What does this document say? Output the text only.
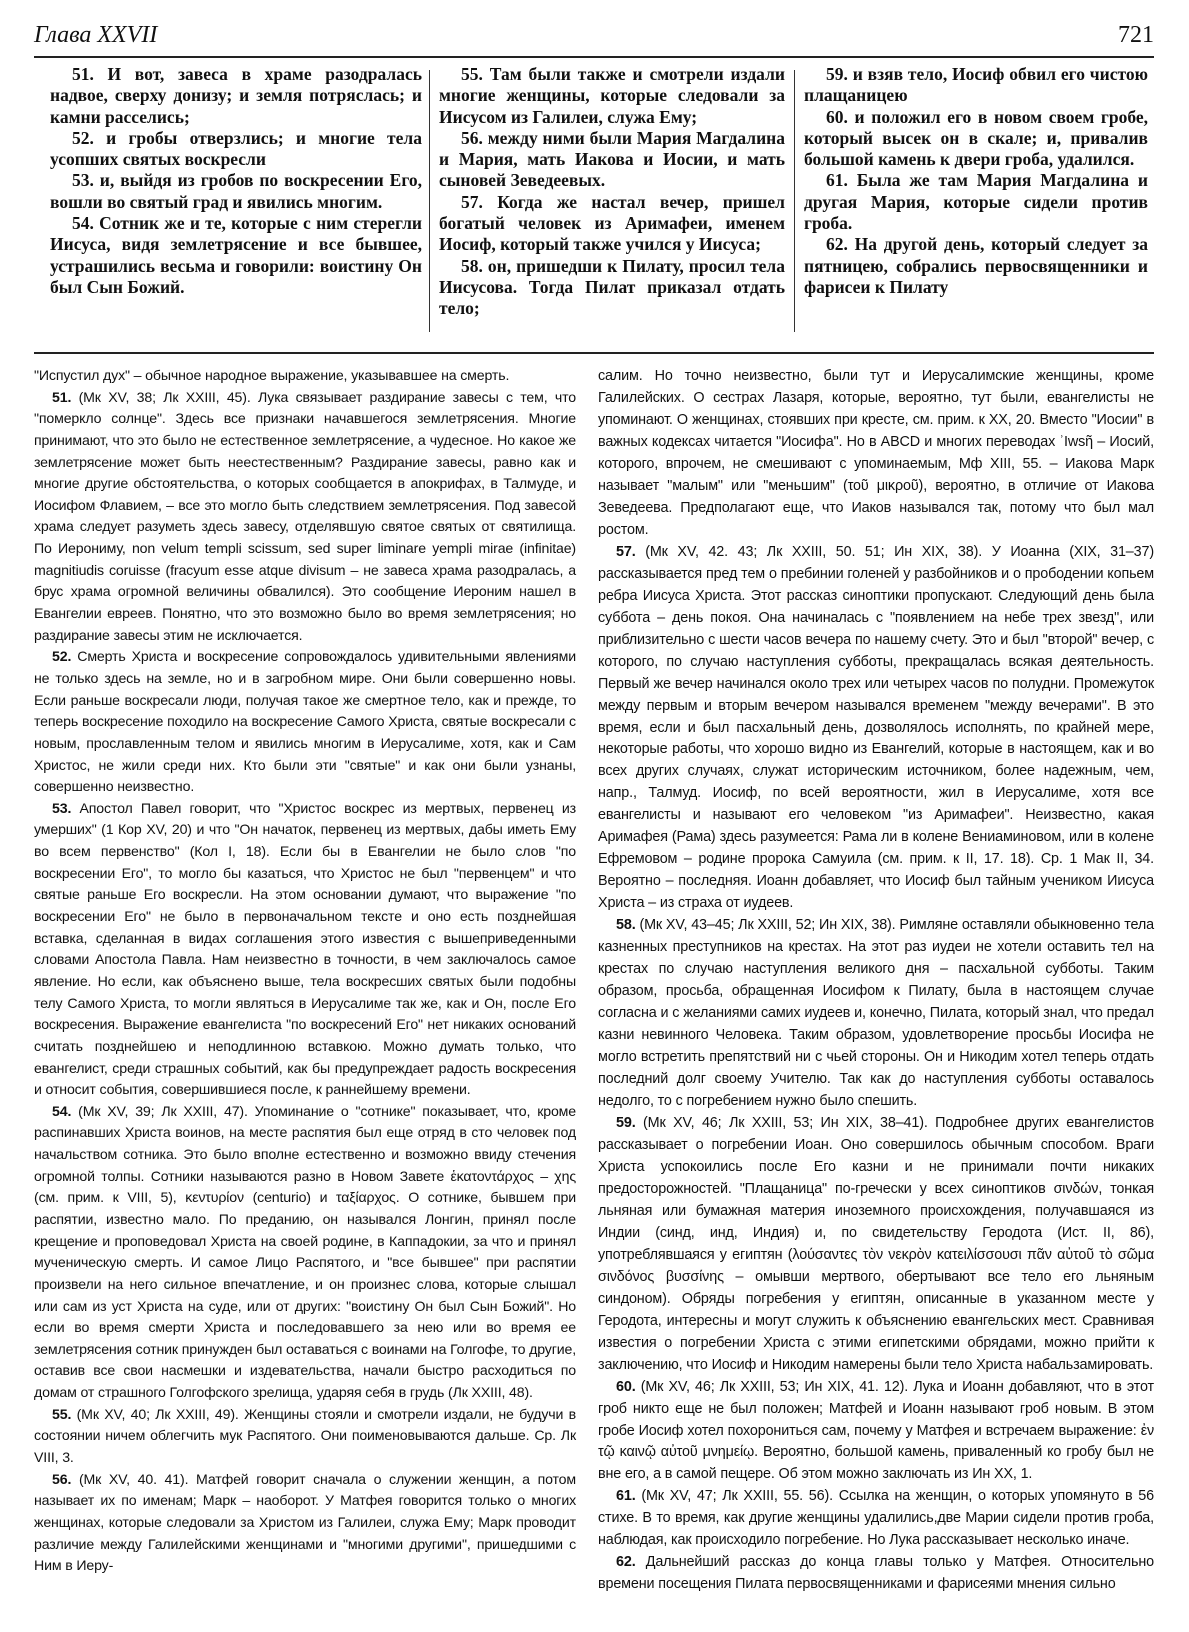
Глава XXVII	721

51. И вот, завеса в храме разодралась надвое, сверху донизу; и земля потряслась; и камни расселись;

52. и гробы отверзлись; и многие тела усопших святых воскресли

53. и, выйдя из гробов по воскресении Его, вошли во святый град и явились многим.

54. Сотник же и те, которые с ним стерегли Иисуса, видя землетрясение и все бывшее, устрашились весьма и говорили: воистину Он был Сын Божий.

55. Там были также и смотрели издали многие женщины, которые следовали за Иисусом из Галилеи, служа Ему;

56. между ними были Мария Магдалина и Мария, мать Иакова и Иосии, и мать сыновей Зеведеевых.

57. Когда же настал вечер, пришел богатый человек из Аримафеи, именем Иосиф, который также учился у Иисуса;

58. он, пришедши к Пилату, просил тела Иисусова. Тогда Пилат приказал отдать тело;

59. и взяв тело, Иосиф обвил его чистою плащаницею

60. и положил его в новом своем гробе, который высек он в скале; и, привалив большой камень к двери гроба, удалился.

61. Была же там Мария Магдалина и другая Мария, которые сидели против гроба.

62. На другой день, который следует за пятницею, собрались первосвященники и фарисеи к Пилату

"Испустил дух" – обычное народное выражение, указывавшее на смерть.

51. (Мк XV, 38; Лк XXIII, 45). Лука связывает раздирание завесы с тем, что "померкло солнце". Здесь все признаки начавшегося землетрясения. Многие принимают, что это было не естественное землетрясение, а чудесное. Но какое же землетрясение может быть неестественным? Раздирание завесы, равно как и многие другие обстоятельства, о которых сообщается в апокрифах, в Талмуде, и Иосифом Флавием, – все это могло быть следствием землетрясения. Под завесой храма следует разуметь здесь завесу, отделявшую святое святых от святилища. По Иерониму, non velum templi scissum, sed super liminare yempli mirae (infinitae) magnitiudis coruisse (fracyum esse atque divisum – не завеса храма разодралась, а брус храма огромной величины обвалился). Это сообщение Иероним нашел в Евангелии евреев. Понятно, что это возможно было во время землетрясения; но раздирание завесы этим не исключается.

52. Смерть Христа и воскресение сопровождалось удивительными явлениями не только здесь на земле, но и в загробном мире. Они были совершенно новы. Если раньше воскресали люди, получая такое же смертное тело, как и прежде, то теперь воскресение походило на воскресение Самого Христа, святые воскресали с новым, прославленным телом и явились многим в Иерусалиме, хотя, как и Сам Христос, не жили среди них. Кто были эти "святые" и как они были узнаны, совершенно неизвестно.

53. Апостол Павел говорит, что "Христос воскрес из мертвых, первенец из умерших" (1 Кор XV, 20) и что "Он начаток, первенец из мертвых, дабы иметь Ему во всем первенство" (Кол I, 18). Если бы в Евангелии не было слов "по воскресении Его", то могло бы казаться, что Христос не был "первенцем" и что святые раньше Его воскресли. На этом основании думают, что выражение "по воскресении Его" не было в первоначальном тексте и оно есть позднейшая вставка, сделанная в видах соглашения этого известия с вышеприведенными словами Апостола Павла. Нам неизвестно в точности, в чем заключалось самое явление. Но если, как объяснено выше, тела воскресших святых были подобны телу Самого Христа, то могли являться в Иерусалиме так же, как и Он, после Его воскресения. Выражение евангелиста "по воскресений Его" нет никаких оснований считать позднейшею и неподлинною вставкою. Можно думать только, что евангелист, среди страшных событий, как бы предупреждает радость воскресения и относит события, совершившиеся после, к раннейшему времени.

54. (Мк XV, 39; Лк XXIII, 47). Упоминание о "сотнике" показывает, что, кроме распинавших Христа воинов, на месте распятия был еще отряд в сто человек под начальством сотника. Это было вполне естественно и возможно ввиду стечения огромной толпы. Сотники называются разно в Новом Завете ἑκατοντάρχος – χης (см. прим. к VIII, 5), κεντυρίον (centurio) и ταξίαρχος. О сотнике, бывшем при распятии, известно мало. По преданию, он назывался Лонгин, принял после крещение и проповедовал Христа на своей родине, в Каппадокии, за что и принял мученическую смерть. И самое Лицо Распятого, и "все бывшее" при распятии произвели на него сильное впечатление, и он произнес слова, которые слышал или сам из уст Христа на суде, или от других: "воистину Он был Сын Божий". Но если во время смерти Христа и последовавшего за нею или во время ее землетрясения сотник принужден был оставаться с воинами на Голгофе, то другие, оставив все свои насмешки и издевательства, начали быстро расходиться по домам от страшного Голгофского зрелища, ударяя себя в грудь (Лк XXIII, 48).

55. (Мк XV, 40; Лк XXIII, 49). Женщины стояли и смотрели издали, не будучи в состоянии ничем облегчить мук Распятого. Они поименовываются дальше. Ср. Лк VIII, 3.

56. (Мк XV, 40. 41). Матфей говорит сначала о служении женщин, а потом называет их по именам; Марк – наоборот. У Матфея говорится только о многих женщинах, которые следовали за Христом из Галилеи, служа Ему; Марк проводит различие между Галилейскими женщинами и "многими другими", пришедшими с Ним в Иеру-

салим. Но точно неизвестно, были тут и Иерусалимские женщины, кроме Галилейских. О сестрах Лазаря, которые, вероятно, тут были, евангелисты не упоминают. О женщинах, стоявших при кресте, см. прим. к XX, 20. Вместо "Иосии" в важных кодексах читается "Иосифа". Но в ABCD и многих переводах ʾIwsῆ – Иосий, которого, впрочем, не смешивают с упоминаемым, Мф XIII, 55. – Иакова Марк называет "малым" или "меньшим" (τοῦ μικροῦ), вероятно, в отличие от Иакова Зеведеева. Предполагают еще, что Иаков назывался так, потому что был мал ростом.

57. (Мк XV, 42. 43; Лк XXIII, 50. 51; Ин XIX, 38). У Иоанна (XIX, 31–37) рассказывается пред тем о пребинии голеней у разбойников и о прободении копьем ребра Иисуса Христа. Этот рассказ синоптики пропускают. Следующий день была суббота – день покоя. Она начиналась с "появлением на небе трех звезд", или приблизительно с шести часов вечера по нашему счету. Это и был "второй" вечер, с которого, по случаю наступления субботы, прекращалась всякая деятельность. Первый же вечер начинался около трех или четырех часов по полудни. Промежуток между первым и вторым вечером назывался временем "между вечерами". В это время, если и был пасхальный день, дозволялось исполнять, по крайней мере, некоторые работы, что хорошо видно из Евангелий, которые в настоящем, как и во всех других случаях, служат историческим источником, более надежным, чем, напр., Талмуд. Иосиф, по всей вероятности, жил в Иерусалиме, хотя все евангелисты и называют его человеком "из Аримафеи". Неизвестно, какая Аримафея (Рама) здесь разумеется: Рама ли в колене Вениаминовом, или в колене Ефремовом – родине пророка Самуила (см. прим. к II, 17. 18). Ср. 1 Мак II, 34. Вероятно – последняя. Иоанн добавляет, что Иосиф был тайным учеником Иисуса Христа – из страха от иудеев.

58. (Мк XV, 43–45; Лк XXIII, 52; Ин XIX, 38). Римляне оставляли обыкновенно тела казненных преступников на крестах. На этот раз иудеи не хотели оставить тел на крестах по случаю наступления великого дня – пасхальной субботы. Таким образом, просьба, обращенная Иосифом к Пилату, была в настоящем случае согласна и с желаниями самих иудеев и, конечно, Пилата, который знал, что предал казни невинного Человека. Таким образом, удовлетворение просьбы Иосифа не могло встретить препятствий ни с чьей стороны. Он и Никодим хотел теперь отдать последний долг своему Учителю. Так как до наступления субботы оставалось недолго, то с погребением нужно было спешить.

59. (Мк XV, 46; Лк XXIII, 53; Ин XIX, 38–41). Подробнее других евангелистов рассказывает о погребении Иоан. Оно совершилось обычным способом. Враги Христа успокоились после Его казни и не принимали почти никаких предосторожностей. "Плащаница" по-гречески у всех синоптиков σινδών, тонкая льняная или бумажная материя иноземного происхождения, получавшаяся из Индии (синд, инд, Индия) и, по свидетельству Геродота (Ист. II, 86), употреблявшаяся у египтян (λούσαντες τὸν νεκρὸν κατειλίσσουσι πᾶν αὐτοῦ τὸ σῶμα σινδόνος βυσσίνης – омывши мертвого, обертывают все тело его льняным синдоном). Обряды погребения у египтян, описанные в указанном месте у Геродота, интересны и могут служить к объяснению евангельских мест. Сравнивая известия о погребении Христа с этими египетскими обрядами, можно прийти к заключению, что Иосиф и Никодим намерены были тело Христа набальзамировать.

60. (Мк XV, 46; Лк XXIII, 53; Ин XIX, 41. 12). Лука и Иоанн добавляют, что в этот гроб никто еще не был положен; Матфей и Иоанн называют гроб новым. В этом гробе Иосиф хотел похорониться сам, почему у Матфея и встречаем выражение: ἐν τῷ καινῷ αὐτοῦ μνημείῳ. Вероятно, большой камень, привaленный ко гробу был не вне его, а в самой пещере. Об этом можно заключать из Ин XX, 1.

61. (Мк XV, 47; Лк XXIII, 55. 56). Ссылка на женщин, о которых упомянуто в 56 стихе. В то время, как другие женщины удалились,две Марии сидели против гроба, наблюдая, как происходило погребение. Но Лука рассказывает несколько иначе.

62. Дальнейший рассказ до конца главы только у Матфея. Относительно времени посещения Пилата первосвященниками и фарисеями мнения сильно
